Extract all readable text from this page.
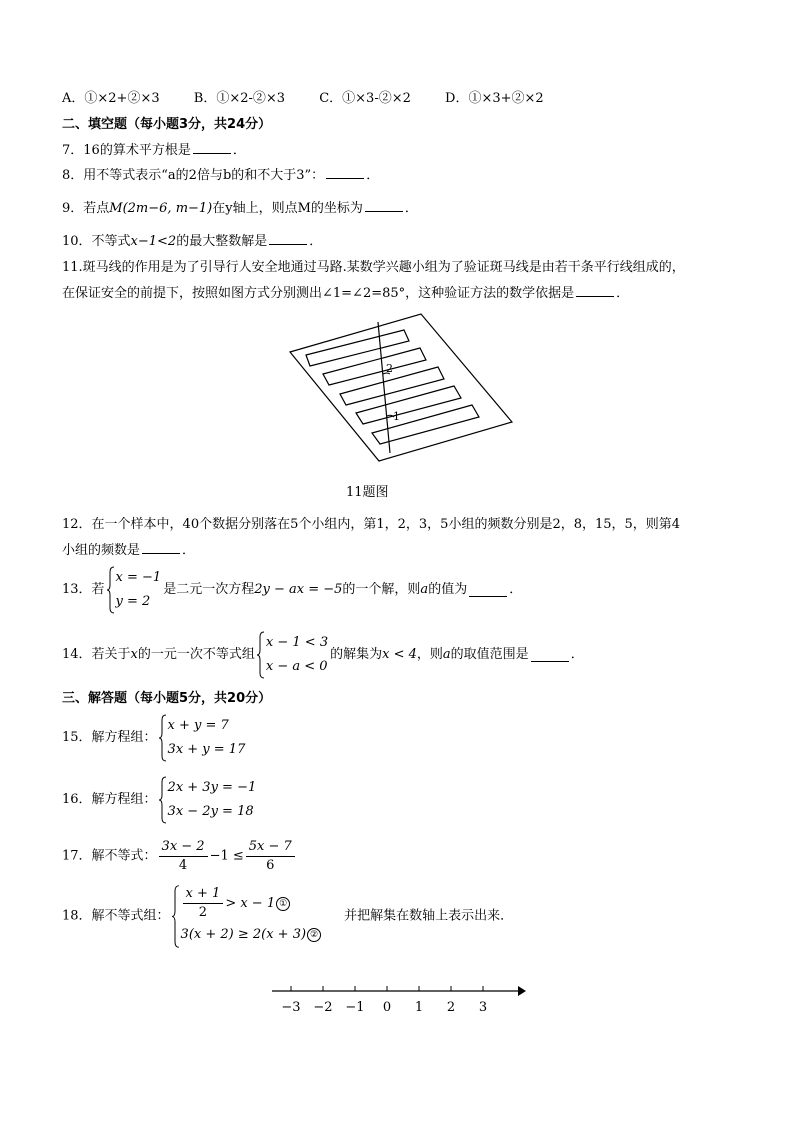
A．①×2+②×3	B．①×2-②×3	C．①×3-②×2	D．①×3+②×2
二、填空题（每小题3分，共24分）
7．16的算术平方根是	．
8．用不等式表示“a的2倍与b的和不大于3”：	．
9．若点M(2m−6, m−1)在y轴上，则点M的坐标为	．
10．不等式x−1<2的最大整数解是	．
11.斑马线的作用是为了引导行人安全地通过马路.某数学兴趣小组为了验证斑马线是由若干条平行线组成的，
在保证安全的前提下，按照如图方式分别测出∠1=∠2=85°，这种验证方法的数学依据是	．
2
1
11题图
12．在一个样本中，40个数据分别落在5个小组内，第1，2，3，5小组的频数分别是2，8，15，5，则第4
小组的频数是	．
13．若
x = −1
y = 2
是二元一次方程2y − ax = −5的一个解，则a的值为	．
14．若关于x的一元一次不等式组
x − 1 < 3
x − a < 0
的解集为x < 4，则a的取值范围是	．
三、解答题（每小题5分，共20分）
15．解方程组：
x + y = 7
3x + y = 17
16．解方程组：
2x + 3y = −1
3x − 2y = 18
17．解不等式： $\frac{3x - 2}{4} -1 \le \frac{5x - 7}{6}$
18．解不等式组： $\frac{x + 1}{2} > x - 1$ ①
3(x + 2) ≥ 2(x + 3) ②
并把解集在数轴上表示出来．
−3 −2 −1 0 1 2 3
